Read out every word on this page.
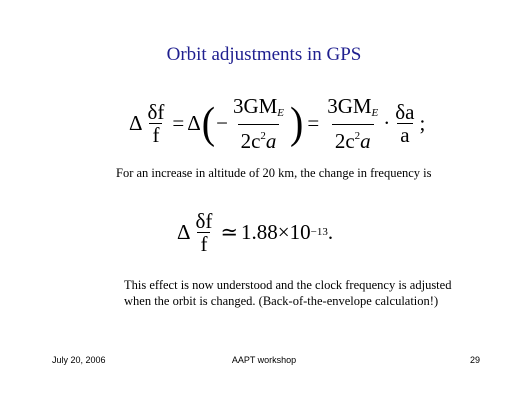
Orbit adjustments in GPS
Δ $\frac{\delta f}{f} = \Delta$ ( − $\frac{3GM_E}{2c^2a}$ ) = $\frac{3GM_E}{2c^2a} \cdot \frac{\delta a}{a}$ ;
For an increase in altitude of 20 km, the change in frequency is
Δ $\frac{\delta f}{f}$ ≃ 1.88×10 −13 .
This effect is now understood and the clock frequency is adjusted
when the orbit is changed. (Back-of-the-envelope calculation!)
July 20, 2006	AAPT workshop	29
